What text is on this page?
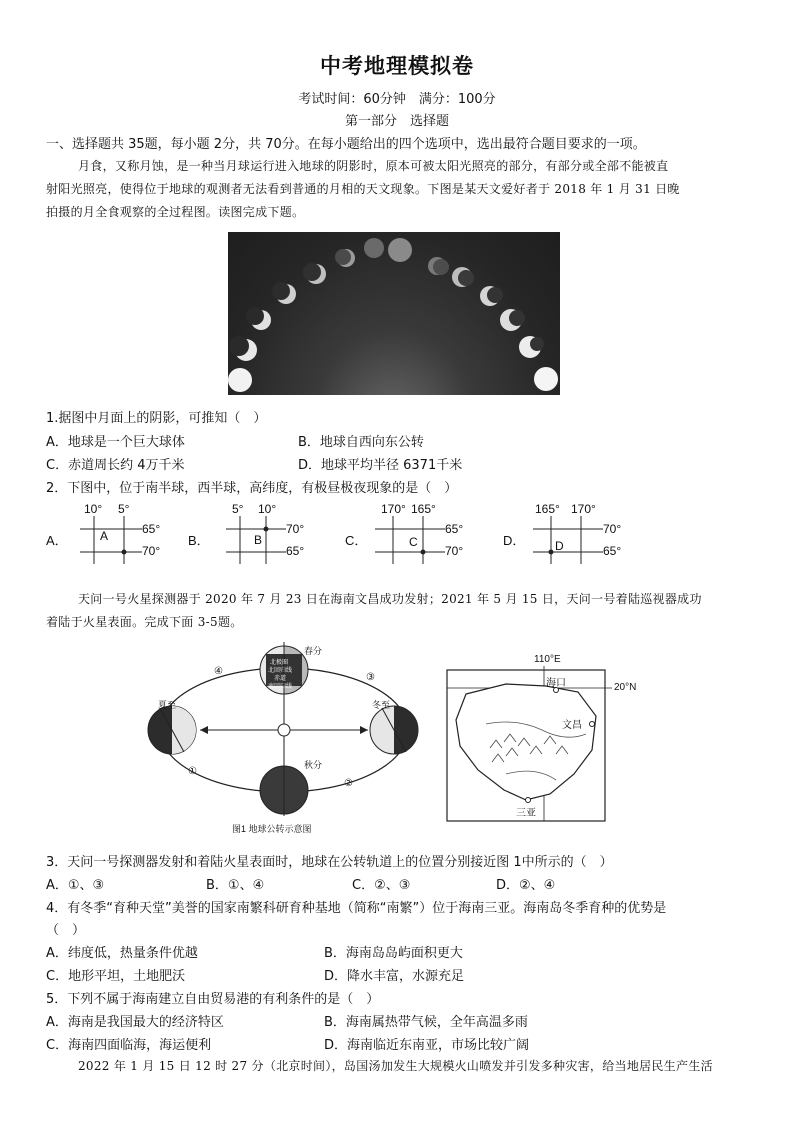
中考地理模拟卷
考试时间：60分钟　满分：100分
第一部分　选择题
一、选择题共 35题，每小题 2分，共 70分。在每小题给出的四个选项中，选出最符合题目要求的一项。
月食，又称月蚀，是一种当月球运行进入地球的阴影时，原本可被太阳光照亮的部分，有部分或全部不能被直
射阳光照亮，使得位于地球的观测者无法看到普通的月相的天文现象。下图是某天文爱好者于 2018 年 1 月 31 日晚
拍摄的月全食观察的全过程图。读图完成下题。
1.据图中月面上的阴影，可推知（　）
A．地球是一个巨大球体	B．地球自西向东公转
C．赤道周长约 4万千米	D．地球平均半径 6371千米
2．下图中，位于南半球，西半球，高纬度，有极昼极夜现象的是（　）
A．
10° 5°
65°
70°
A	B．
5° 10°
70°
65°
B	C．
170° 165°
65°
70°
C	D．
165° 170°
70°
65°
D
天问一号火星探测器于 2020 年 7 月 23 日在海南文昌成功发射；2021 年 5 月 15 日，天问一号着陆巡视器成功
着陆于火星表面。完成下面 3-5题。
春分
夏至	冬至
秋分
①
②
③
④
北极圈
北回归线
赤道
南回归线
图1 地球公转示意图
110°E
20°N
海口
文昌
三亚
3．天问一号探测器发射和着陆火星表面时，地球在公转轨道上的位置分别接近图 1中所示的（　）
A．①、③	B．①、④	C．②、③	D．②、④
4．有冬季“育种天堂”美誉的国家南繁科研育种基地（简称“南繁”）位于海南三亚。海南岛冬季育种的优势是
（　）
A．纬度低，热量条件优越	B．海南岛岛屿面积更大
C．地形平坦，土地肥沃	D．降水丰富，水源充足
5．下列不属于海南建立自由贸易港的有利条件的是（　）
A．海南是我国最大的经济特区	B．海南属热带气候，全年高温多雨
C．海南四面临海，海运便利	D．海南临近东南亚，市场比较广阔
2022 年 1 月 15 日 12 时 27 分（北京时间），岛国汤加发生大规模火山喷发并引发多种灾害，给当地居民生产生活
